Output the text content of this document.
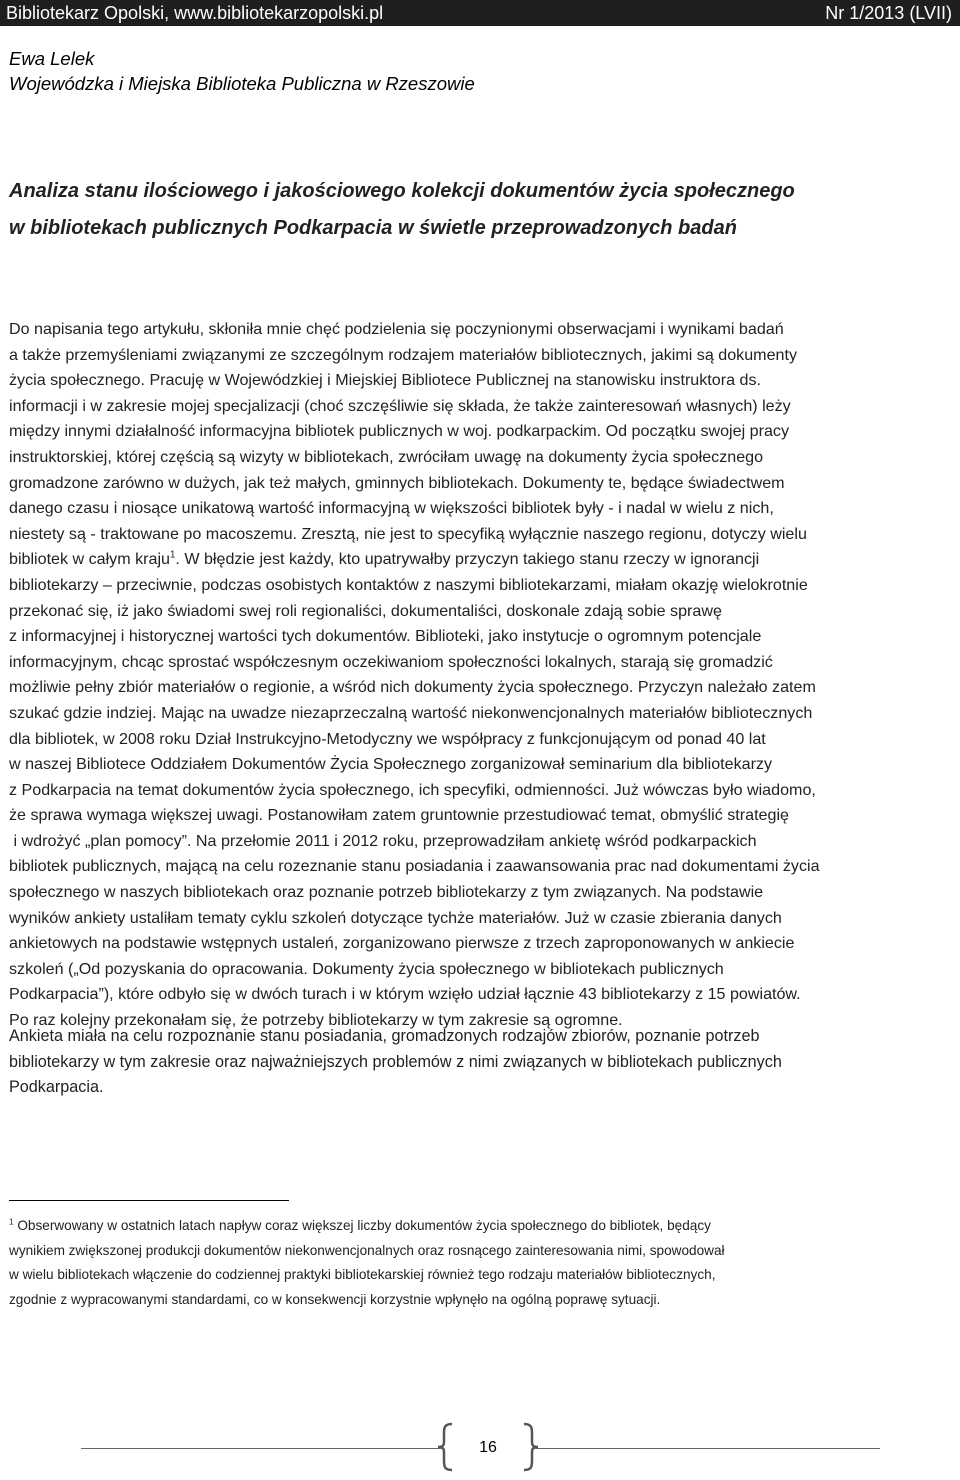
Bibliotekarz Opolski, www.bibliotekarzopolski.pl	Nr 1/2013 (LVII)
Ewa Lelek
Wojewódzka i Miejska Biblioteka Publiczna w Rzeszowie
Analiza stanu ilościowego i jakościowego kolekcji dokumentów życia społecznego
w bibliotekach publicznych Podkarpacia w świetle przeprowadzonych badań
Do napisania tego artykułu, skłoniła mnie chęć podzielenia się poczynionymi obserwacjami i wynikami badań
a także przemyśleniami związanymi ze szczególnym rodzajem materiałów bibliotecznych, jakimi są dokumenty
życia społecznego. Pracuję w Wojewódzkiej i Miejskiej Bibliotece Publicznej na stanowisku instruktora ds.
informacji i w zakresie mojej specjalizacji (choć szczęśliwie się składa, że także zainteresowań własnych) leży
między innymi działalność informacyjna bibliotek publicznych w woj. podkarpackim. Od początku swojej pracy
instruktorskiej, której częścią są wizyty w bibliotekach, zwróciłam uwagę na dokumenty życia społecznego
gromadzone zarówno w dużych, jak też małych, gminnych bibliotekach. Dokumenty te, będące świadectwem
danego czasu i niosące unikatową wartość informacyjną w większości bibliotek były - i nadal w wielu z nich,
niestety są - traktowane po macoszemu. Zresztą, nie jest to specyfiką wyłącznie naszego regionu, dotyczy wielu
bibliotek w całym kraju$^1$. W błędzie jest każdy, kto upatrywałby przyczyn takiego stanu rzeczy w ignorancji
bibliotekarzy – przeciwnie, podczas osobistych kontaktów z naszymi bibliotekarzami, miałam okazję wielokrotnie
przekonać się, iż jako świadomi swej roli regionaliści, dokumentaliści, doskonale zdają sobie sprawę
z informacyjnej i historycznej wartości tych dokumentów. Biblioteki, jako instytucje o ogromnym potencjale
informacyjnym, chcąc sprostać współczesnym oczekiwaniom społeczności lokalnych, starają się gromadzić
możliwie pełny zbiór materiałów o regionie, a wśród nich dokumenty życia społecznego. Przyczyn należało zatem
szukać gdzie indziej. Mając na uwadze niezaprzeczalną wartość niekonwencjonalnych materiałów bibliotecznych
dla bibliotek, w 2008 roku Dział Instrukcyjno-Metodyczny we współpracy z funkcjonującym od ponad 40 lat
w naszej Bibliotece Oddziałem Dokumentów Życia Społecznego zorganizował seminarium dla bibliotekarzy
z Podkarpacia na temat dokumentów życia społecznego, ich specyfiki, odmienności. Już wówczas było wiadomo,
że sprawa wymaga większej uwagi. Postanowiłam zatem gruntownie przestudiować temat, obmyślić strategię
i wdrożyć „plan pomocy”. Na przełomie 2011 i 2012 roku, przeprowadziłam ankietę wśród podkarpackich
bibliotek publicznych, mającą na celu rozeznanie stanu posiadania i zaawansowania prac nad dokumentami życia
społecznego w naszych bibliotekach oraz poznanie potrzeb bibliotekarzy z tym związanych. Na podstawie
wyników ankiety ustaliłam tematy cyklu szkoleń dotyczące tychże materiałów. Już w czasie zbierania danych
ankietowych na podstawie wstępnych ustaleń, zorganizowano pierwsze z trzech zaproponowanych w ankiecie
szkoleń („Od pozyskania do opracowania. Dokumenty życia społecznego w bibliotekach publicznych
Podkarpacia”), które odbyło się w dwóch turach i w którym wzięło udział łącznie 43 bibliotekarzy z 15 powiatów.
Po raz kolejny przekonałam się, że potrzeby bibliotekarzy w tym zakresie są ogromne.
Ankieta miała na celu rozpoznanie stanu posiadania, gromadzonych rodzajów zbiorów, poznanie potrzeb
bibliotekarzy w tym zakresie oraz najważniejszych problemów z nimi związanych w bibliotekach publicznych
Podkarpacia.
$^1$ Obserwowany w ostatnich latach napływ coraz większej liczby dokumentów życia społecznego do bibliotek, będący
wynikiem zwiększonej produkcji dokumentów niekonwencjonalnych oraz rosnącego zainteresowania nimi, spowodował
w wielu bibliotekach włączenie do codziennej praktyki bibliotekarskiej również tego rodzaju materiałów bibliotecznych,
zgodnie z wypracowanymi standardami, co w konsekwencji korzystnie wpłynęło na ogólną poprawę sytuacji.
16
